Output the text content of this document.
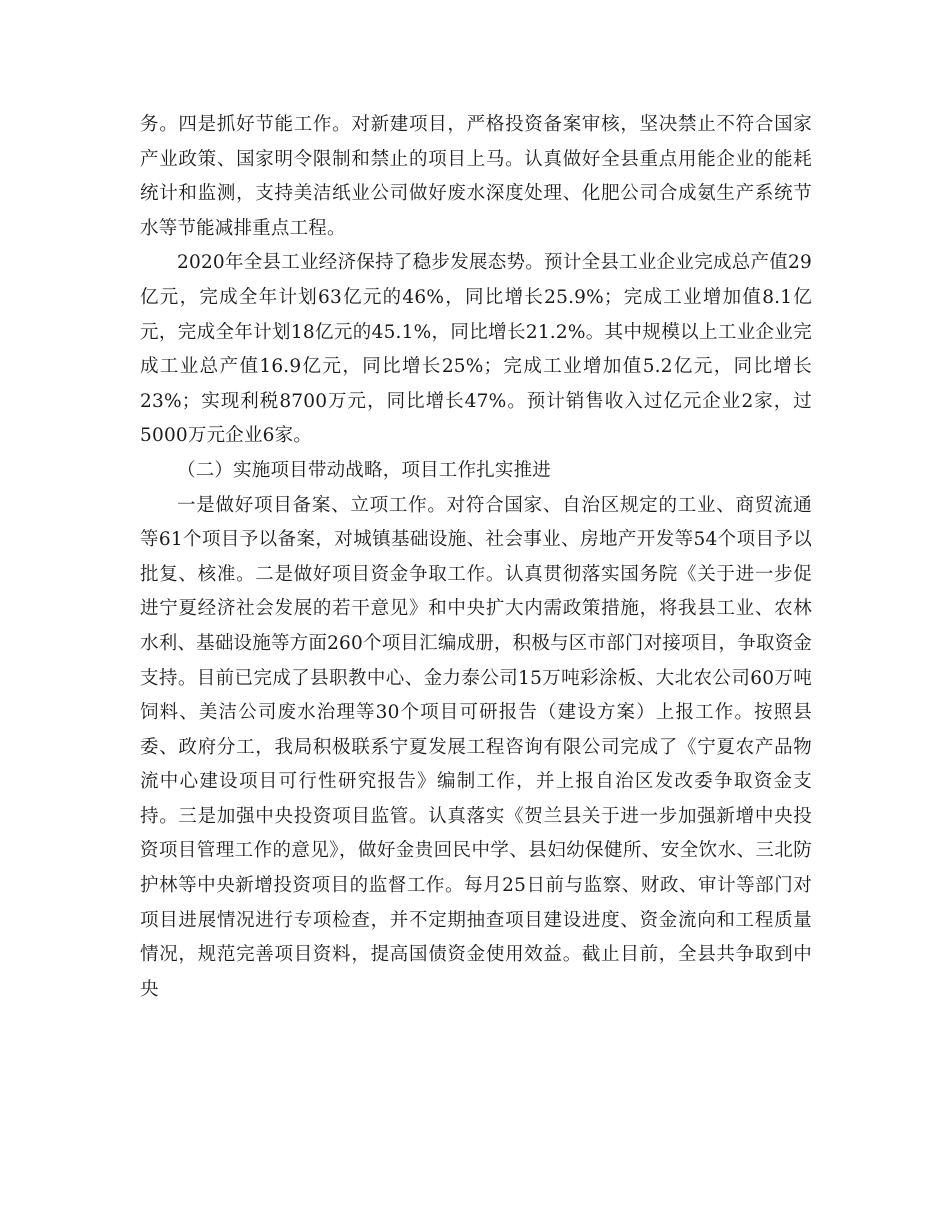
务。四是抓好节能工作。对新建项目，严格投资备案审核，坚决禁止不符合国家产业政策、国家明令限制和禁止的项目上马。认真做好全县重点用能企业的能耗统计和监测，支持美洁纸业公司做好废水深度处理、化肥公司合成氨生产系统节水等节能减排重点工程。

2020年全县工业经济保持了稳步发展态势。预计全县工业企业完成总产值29亿元，完成全年计划63亿元的46%，同比增长25.9%；完成工业增加值8.1亿元，完成全年计划18亿元的45.1%，同比增长21.2%。其中规模以上工业企业完成工业总产值16.9亿元，同比增长25%；完成工业增加值5.2亿元，同比增长23%；实现利税8700万元，同比增长47%。预计销售收入过亿元企业2家，过5000万元企业6家。

（二）实施项目带动战略，项目工作扎实推进

一是做好项目备案、立项工作。对符合国家、自治区规定的工业、商贸流通等61个项目予以备案，对城镇基础设施、社会事业、房地产开发等54个项目予以批复、核准。二是做好项目资金争取工作。认真贯彻落实国务院《关于进一步促进宁夏经济社会发展的若干意见》和中央扩大内需政策措施，将我县工业、农林水利、基础设施等方面260个项目汇编成册，积极与区市部门对接项目，争取资金支持。目前已完成了县职教中心、金力泰公司15万吨彩涂板、大北农公司60万吨饲料、美洁公司废水治理等30个项目可研报告（建设方案）上报工作。按照县委、政府分工，我局积极联系宁夏发展工程咨询有限公司完成了《宁夏农产品物流中心建设项目可行性研究报告》编制工作，并上报自治区发改委争取资金支持。三是加强中央投资项目监管。认真落实《贺兰县关于进一步加强新增中央投资项目管理工作的意见》，做好金贵回民中学、县妇幼保健所、安全饮水、三北防护林等中央新增投资项目的监督工作。每月25日前与监察、财政、审计等部门对项目进展情况进行专项检查，并不定期抽查项目建设进度、资金流向和工程质量情况，规范完善项目资料，提高国债资金使用效益。截止目前，全县共争取到中央
